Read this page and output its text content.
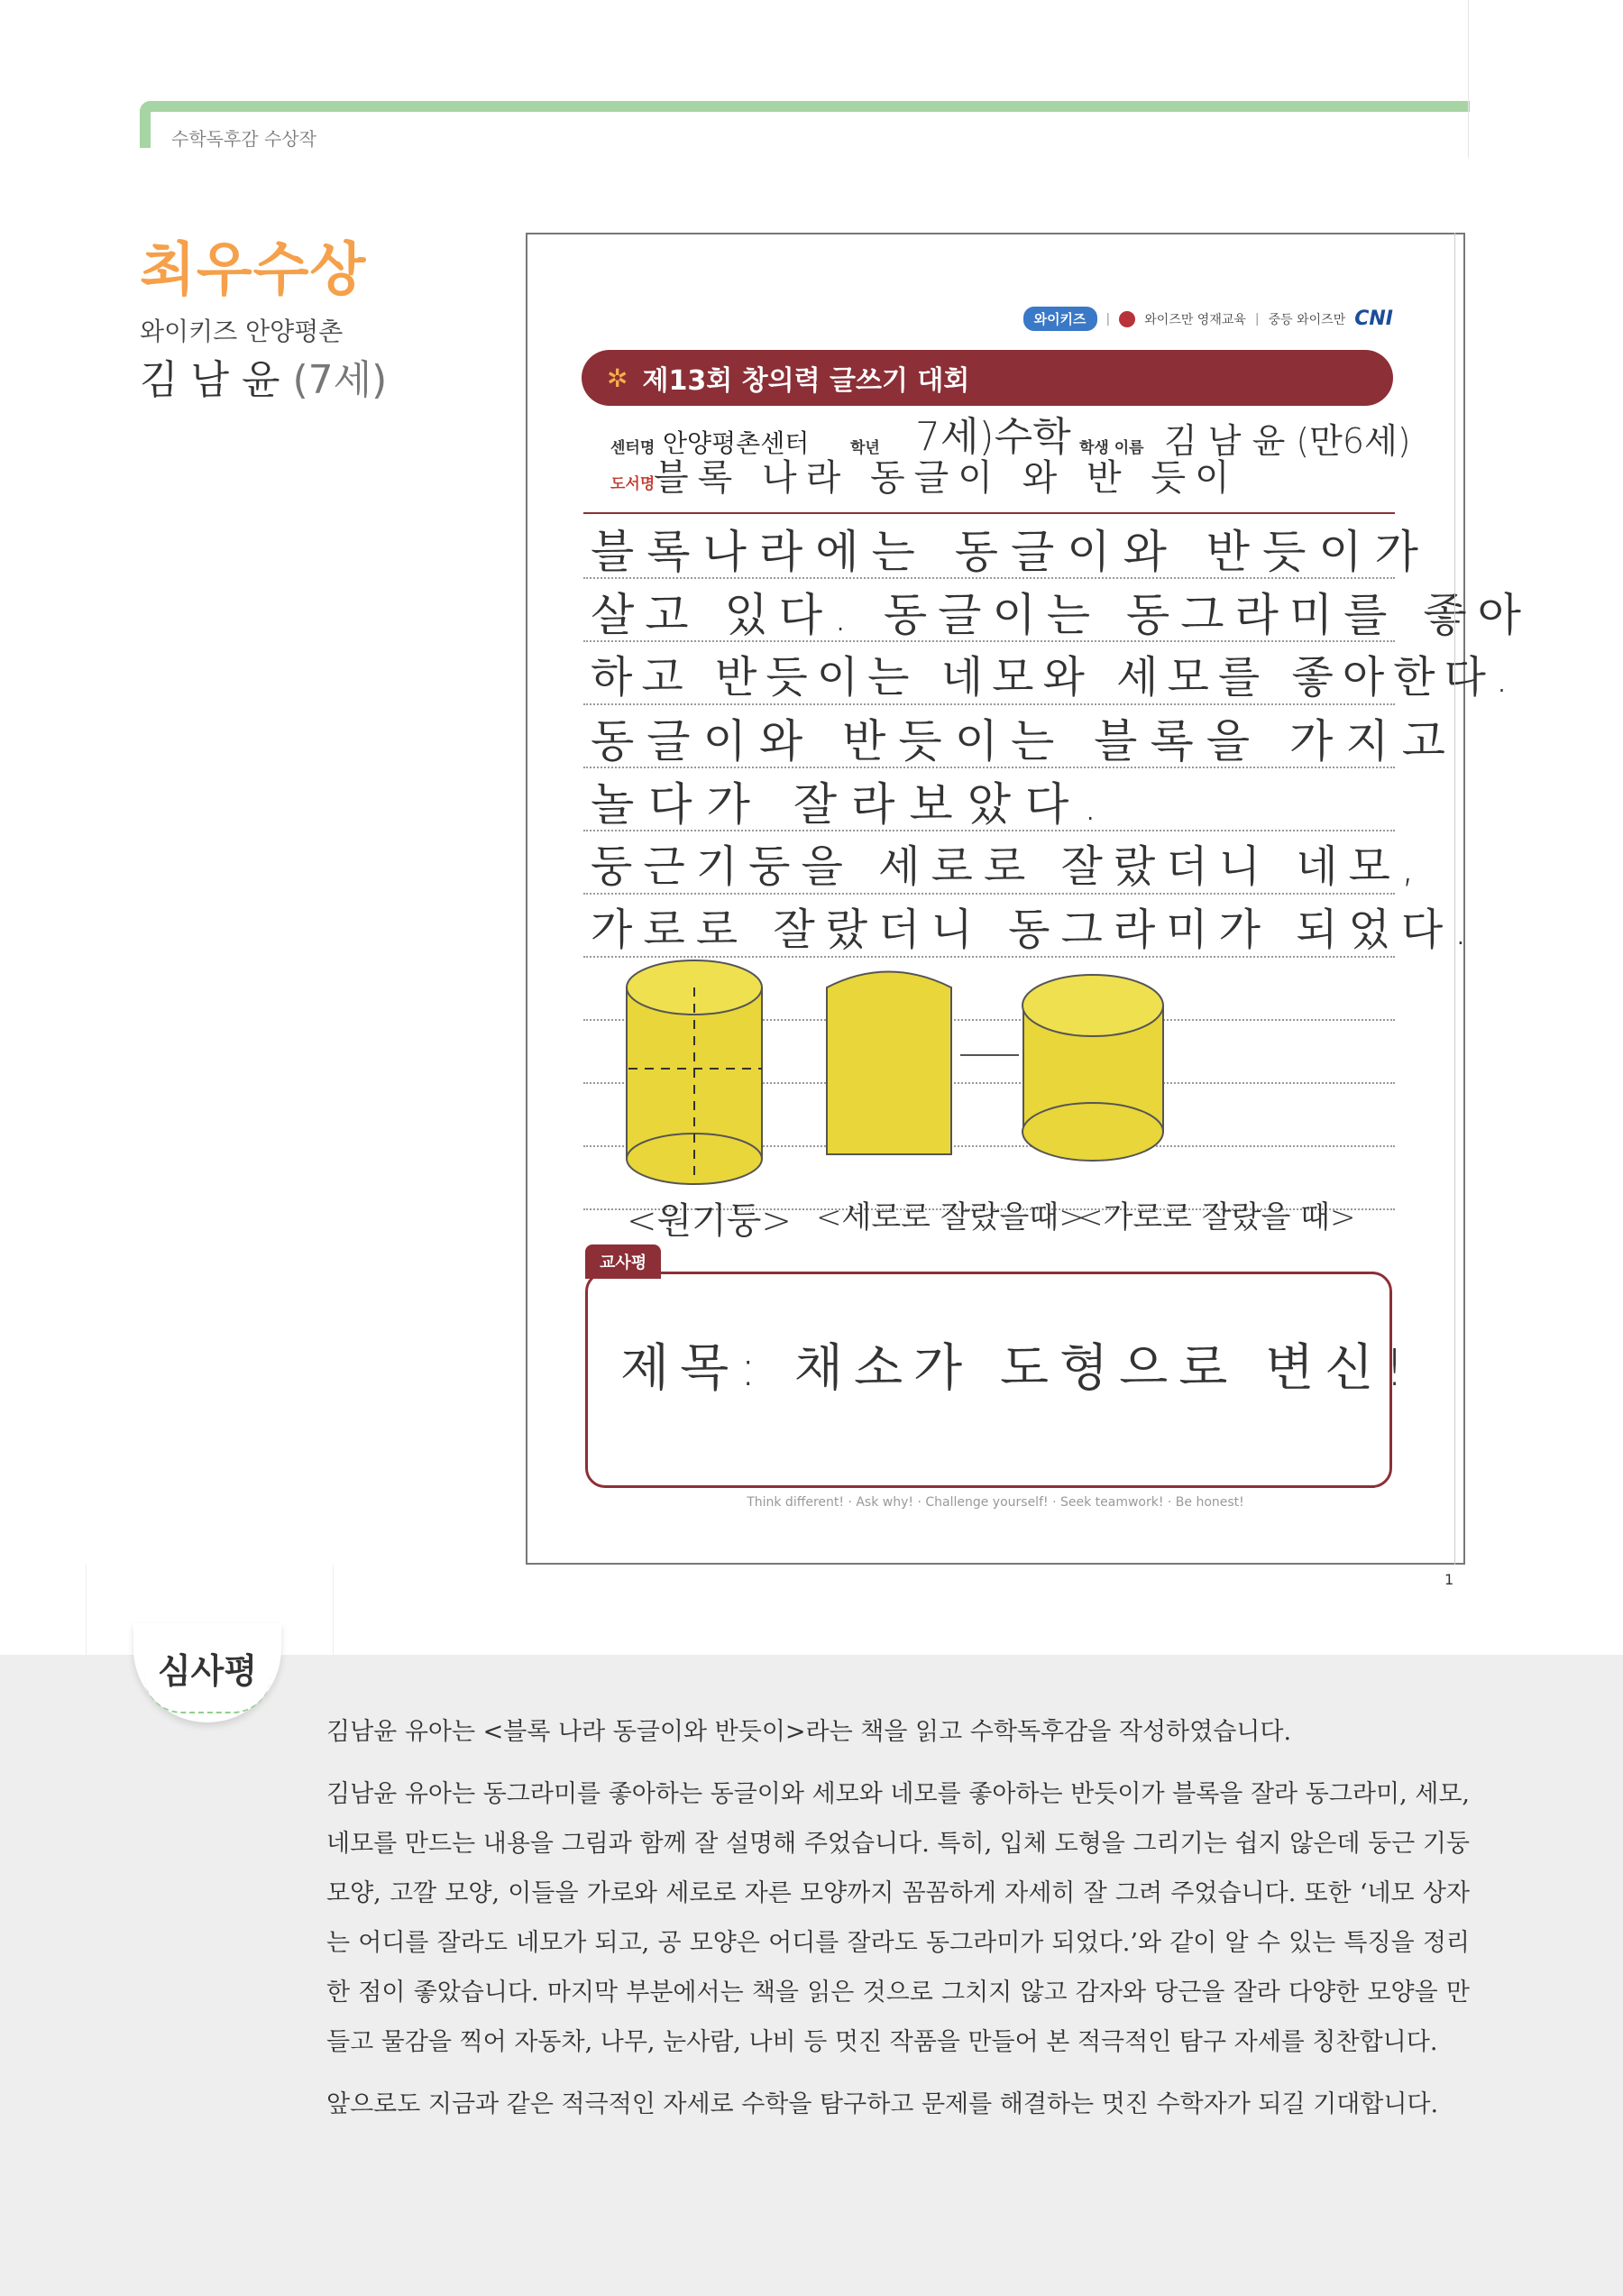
수학독후감 수상작
최우수상
와이키즈 안양평촌
김 남 윤 (7세)
와이키즈	|	와이즈만 영재교육 | 중등 와이즈만 CNI
✲ 제13회 창의력 글쓰기 대회
센터명 안양평촌센터	학년 7세)수학 학생 이름 김 남 윤 (만6세)
도서명
블록 나라 동글이 와 반 듯이
블록나라에는 동글이와 반듯이가
살고 있다. 동글이는 동그라미를 좋아
하고 반듯이는 네모와 세모를 좋아한다.
동글이와 반듯이는 블록을 가지고
놀다가 잘라보았다.
둥근기둥을 세로로 잘랐더니 네모,
가로로 잘랐더니 동그라미가 되었다.
<원기둥> <세로로 잘랐을때>
<가로로 잘랐을 때>
교사평
제목: 채소가 도형으로 변신!
Think different! · Ask why! · Challenge yourself! · Seek teamwork! · Be honest!
1
심사평

김남윤 유아는 <블록 나라 동글이와 반듯이>라는 책을 읽고 수학독후감을 작성하였습니다.

김남윤 유아는 동그라미를 좋아하는 동글이와 세모와 네모를 좋아하는 반듯이가 블록을 잘라 동그라미, 세모, 네모를 만드는 내용을 그림과 함께 잘 설명해 주었습니다. 특히, 입체 도형을 그리기는 쉽지 않은데 둥근 기둥 모양, 고깔 모양, 이들을 가로와 세로로 자른 모양까지 꼼꼼하게 자세히 잘 그려 주었습니다. 또한 ‘네모 상자는 어디를 잘라도 네모가 되고, 공 모양은 어디를 잘라도 동그라미가 되었다.’와 같이 알 수 있는 특징을 정리한 점이 좋았습니다. 마지막 부분에서는 책을 읽은 것으로 그치지 않고 감자와 당근을 잘라 다양한 모양을 만들고 물감을 찍어 자동차, 나무, 눈사람, 나비 등 멋진 작품을 만들어 본 적극적인 탐구 자세를 칭찬합니다.

앞으로도 지금과 같은 적극적인 자세로 수학을 탐구하고 문제를 해결하는 멋진 수학자가 되길 기대합니다.
